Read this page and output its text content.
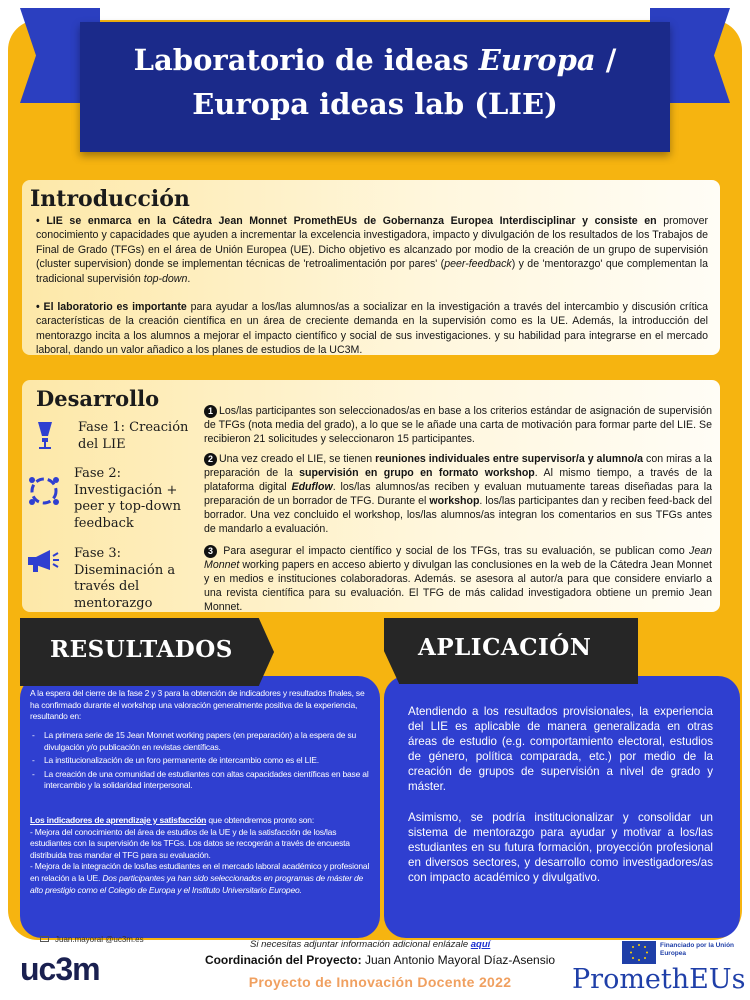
Laboratorio de ideas Europa /
Europa ideas lab (LIE)
Introducción
• LIE se enmarca en la Cátedra Jean Monnet PromethEUs de Gobernanza Europea Interdisciplinar y consiste en promover conocimiento y capacidades que ayuden a incrementar la excelencia investigadora, impacto y divulgación de los resultados de los Trabajos de Final de Grado (TFGs) en el área de Unión Europea (UE). Dicho objetivo es alcanzado por modio de la creación de un grupo de supervisión (cluster supervision) donde se implementan técnicas de 'retroalimentación por pares' (peer-feedback) y de 'mentorazgo' que complementan la tradicional supervisión top-down.
• El laboratorio es importante para ayudar a los/las alumnos/as a socializar en la investigación a través del intercambio y discusión crítica características de la creación científica en un área de creciente demanda en la supervisión como es la UE. Además, la introducción del mentorazgo incita a los alumnos a mejorar el impacto científico y social de sus investigaciones. y su habilidad para integrarse en el mercado laboral, dando un valor añadico a los planes de estudios de la UC3M.
Desarrollo
Fase 1: Creación del LIE
Fase 2: Investigación + peer y top-down feedback
Fase 3: Diseminación a través del mentorazgo
1 Los/las participantes son seleccionados/as en base a los criterios estándar de asignación de supervisión de TFGs (nota media del grado), a lo que se le añade una carta de motivación para formar parte del LIE. Se recibieron 21 solicitudes y seleccionaron 15 participantes.
2 Una vez creado el LIE, se tienen reuniones individuales entre supervisor/a y alumno/a con miras a la preparación de la supervisión en grupo en formato workshop. Al mismo tiempo, a través de la plataforma digital Eduflow. los/las alumnos/as reciben y evaluan mutuamente tareas diseñadas para la preparación de un borrador de TFG. Durante el workshop. los/las participantes dan y reciben feed-back del borrador. Una vez concluido el workshop, los/las alumnos/as integran los comentarios en sus TFGs antes de mandarlo a evaluación.
3 Para asegurar el impacto científico y social de los TFGs, tras su evaluación, se publican como Jean Monnet working papers en acceso abierto y divulgan las conclusiones en la web de la Cátedra Jean Monnet y en medios e instituciones colaboradoras. Además. se asesora al autor/a para que considere enviarlo a una revista científica para su evaluación. El TFG de más calidad investigadora obtiene un premio Jean Monnet.
RESULTADOS
A la espera del cierre de la fase 2 y 3 para la obtención de indicadores y resultados finales, se ha confirmado durante el workshop una valoración generalmente positiva de la experiencia, resultando en:
- La primera serie de 15 Jean Monnet working papers (en preparación) a la espera de su divulgación y/o publicación en revistas científicas.
- La institucionalización de un foro permanente de intercambio como es el LIE.
- La creación de una comunidad de estudiantes con altas capacidades científicas en base al intercambio y la solidaridad interpersonal.
Los indicadores de aprendizaje y satisfacción que obtendremos pronto son:
- Mejora del conocimiento del área de estudios de la UE y de la satisfacción de los/las estudiantes con la supervisión de los TFGs. Los datos se recogerán a través de encuesta distribuida tras mandar el TFG para su evaluación.
- Mejora de la integración de los/las estudiantes en el mercado laboral académico y profesional en relación a la UE. Dos participantes ya han sido seleccionados en programas de máster de alto prestigio como el Colegio de Europa y el Instituto Universitario Europeo.
APLICACIÓN
Atendiendo a los resultados provisionales, la experiencia del LIE es aplicable de manera generalizada en otras áreas de estudio (e.g. comportamiento electoral, estudios de género, política comparada, etc.) por medio de la creación de grupos de supervisión a nivel de grado y máster.
Asimismo, se podría institucionalizar y consolidar un sistema de mentorazgo para ayudar y motivar a los/las estudiantes en su futura formación, proyección profesional en diversos sectores, y desarrollo como investigadores/as con impacto académico y divulgativo.
Juan.mayoral @uc3m.es	Si necesitas adjuntar información adicional enlázale aquí
Coordinación del Proyecto: Juan Antonio Mayoral Díaz-Asensio
Proyecto de Innovación Docente 2022
uc3m
Financiado por la Unión Europea
PromethEUs
